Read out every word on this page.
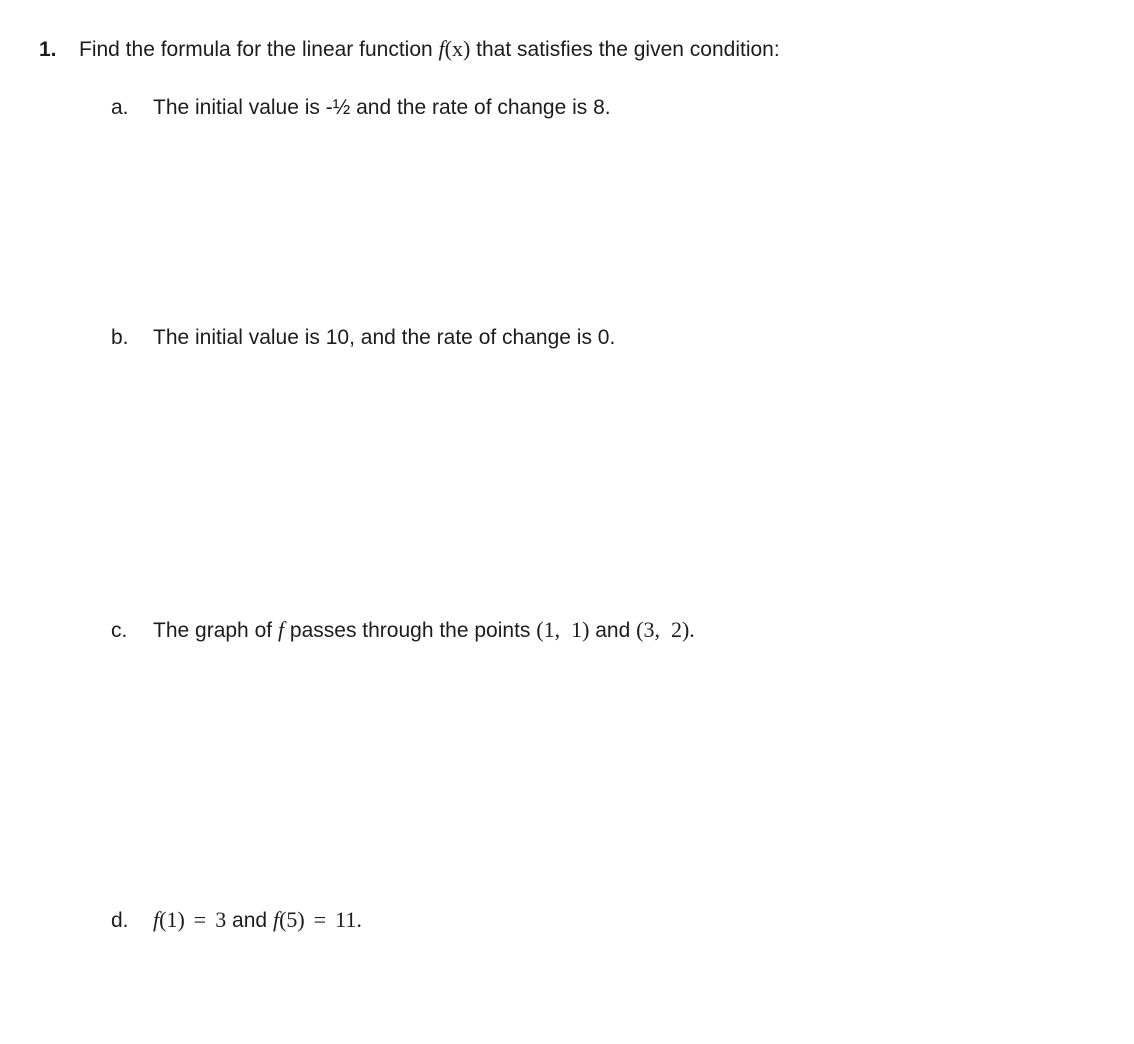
1. Find the formula for the linear function f(x) that satisfies the given condition:
a. The initial value is -½ and the rate of change is 8.
b. The initial value is 10, and the rate of change is 0.
c. The graph of f passes through the points (1,  1) and (3,  2).
d. f(1) = 3 and f(5) = 11.
